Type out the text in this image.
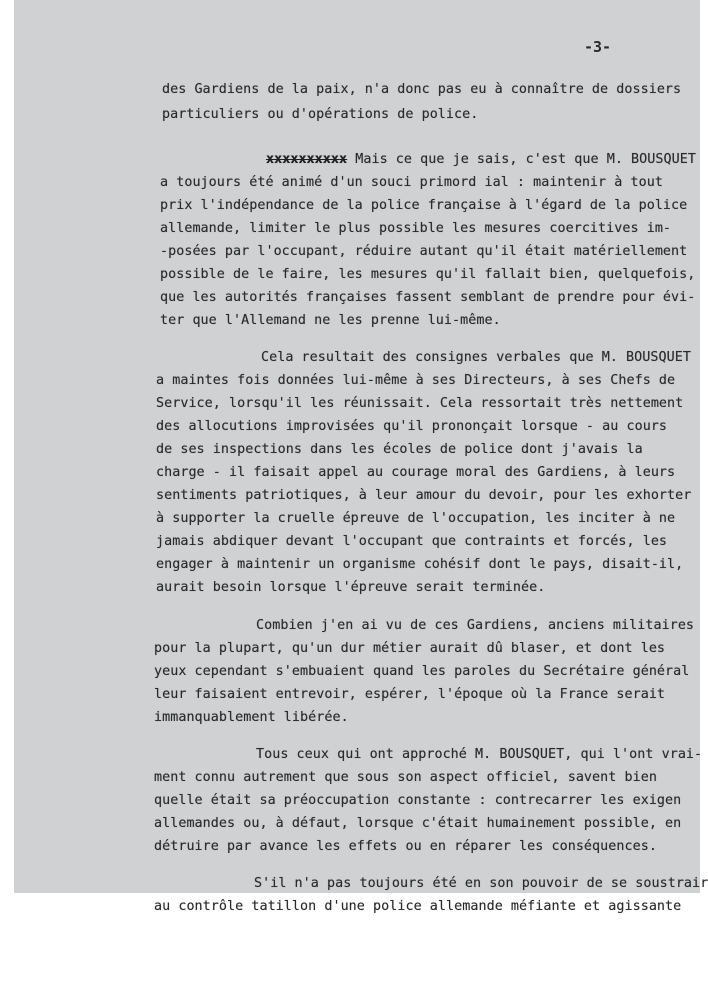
-3-
des Gardiens de la paix, n'a donc pas eu à connaître de dossiers
particuliers ou d'opérations de police.
xxxxxxxxxx Mais ce que je sais, c'est que M. BOUSQUET
a toujours été animé d'un souci primord ial : maintenir à tout
prix l'indépendance de la police française à l'égard de la police
allemande, limiter le plus possible les mesures coercitives im-
-posées par l'occupant, réduire autant qu'il était matériellement
possible de le faire, les mesures qu'il fallait bien, quelquefois,
que les autorités françaises fassent semblant de prendre pour évi-
ter que l'Allemand ne les prenne lui-même.
Cela resultait des consignes verbales que M. BOUSQUET
a maintes fois données lui-même à ses Directeurs, à ses Chefs de
Service, lorsqu'il les réunissait. Cela ressortait très nettement
des allocutions improvisées qu'il prononçait lorsque - au cours
de ses inspections dans les écoles de police dont j'avais la
charge - il faisait appel au courage moral des Gardiens, à leurs
sentiments patriotiques, à leur amour du devoir, pour les exhorter
à supporter la cruelle épreuve de l'occupation, les inciter à ne
jamais abdiquer devant l'occupant que contraints et forcés, les
engager à maintenir un organisme cohésif dont le pays, disait-il,
aurait besoin lorsque l'épreuve serait terminée.
Combien j'en ai vu de ces Gardiens, anciens militaires
pour la plupart, qu'un dur métier aurait dû blaser, et dont les
yeux cependant s'embuaient quand les paroles du Secrétaire général
leur faisaient entrevoir, espérer, l'époque où la France serait
immanquablement libérée.
Tous ceux qui ont approché M. BOUSQUET, qui l'ont vrai-
ment connu autrement que sous son aspect officiel, savent bien
quelle était sa préoccupation constante : contrecarrer les exigen
allemandes ou, à défaut, lorsque c'était humainement possible, en
détruire par avance les effets ou en réparer les conséquences.
S'il n'a pas toujours été en son pouvoir de se soustrair
au contrôle tatillon d'une police allemande méfiante et agissante
